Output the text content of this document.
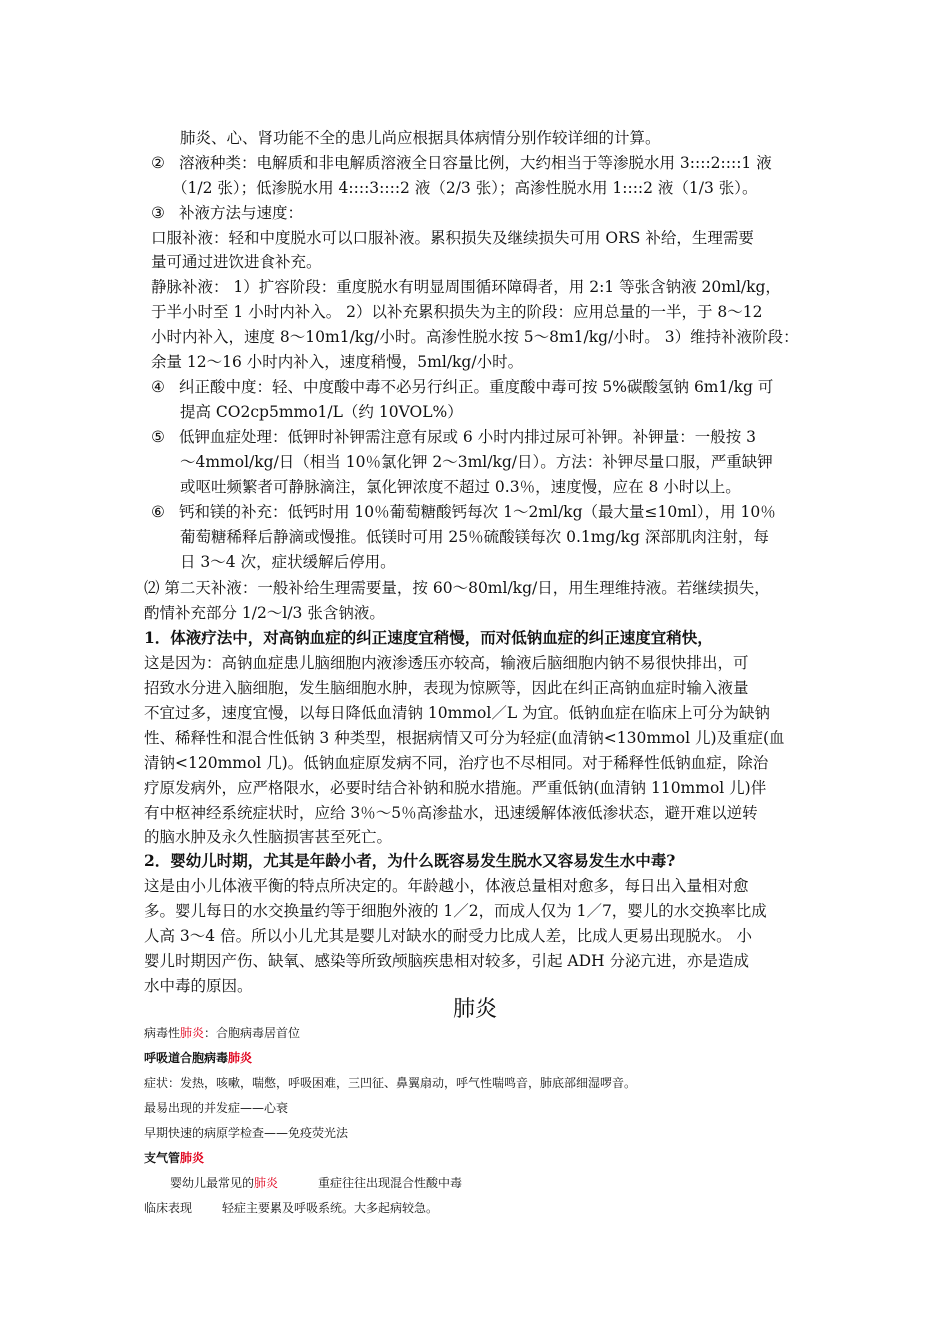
肺炎、心、肾功能不全的患儿尚应根据具体病情分别作较详细的计算。
② 溶液种类：电解质和非电解质溶液全日容量比例，大约相当于等渗脱水用 3::::2::::1 液
（1/2 张）；低渗脱水用 4::::3::::2 液（2/3 张）；高渗性脱水用 1::::2 液（1/3 张）。
③ 补液方法与速度：
口服补液：轻和中度脱水可以口服补液。累积损失及继续损失可用 ORS 补给，生理需要
量可通过进饮进食补充。
静脉补液： 1）扩容阶段：重度脱水有明显周围循环障碍者，用 2:1 等张含钠液 20ml/kg，
于半小时至 1 小时内补入。 2）以补充累积损失为主的阶段：应用总量的一半，于 8～12
小时内补入，速度 8～10m1/kg/小时。高渗性脱水按 5～8m1/kg/小时。 3）维持补液阶段：
余量 12～16 小时内补入，速度稍慢，5ml/kg/小时。
④ 纠正酸中度：轻、中度酸中毒不必另行纠正。重度酸中毒可按 5%碳酸氢钠 6m1/kg 可
提高 CO2cp5mmo1/L（约 10VOL%）
⑤ 低钾血症处理：低钾时补钾需注意有尿或 6 小时内排过尿可补钾。补钾量：一般按 3
～4mmol/kg/日（相当 10％氯化钾 2～3ml/kg/日）。方法：补钾尽量口服，严重缺钾
或呕吐频繁者可静脉滴注，氯化钾浓度不超过 0.3％，速度慢，应在 8 小时以上。
⑥ 钙和镁的补充：低钙时用 10％葡萄糖酸钙每次 1～2ml/kg（最大量≤10ml），用 10％
葡萄糖稀释后静滴或慢推。低镁时可用 25％硫酸镁每次 0.1mg/kg 深部肌肉注射，每
日 3～4 次，症状缓解后停用。
⑵ 第二天补液：一般补给生理需要量，按 60～80ml/kg/日，用生理维持液。若继续损失，
酌情补充部分 1/2～l/3 张含钠液。
1．体液疗法中，对高钠血症的纠正速度宜稍慢，而对低钠血症的纠正速度宜稍快，
这是因为：高钠血症患儿脑细胞内液渗透压亦较高，输液后脑细胞内钠不易很快排出，可
招致水分进入脑细胞，发生脑细胞水肿，表现为惊厥等，因此在纠正高钠血症时输入液量
不宜过多，速度宜慢，以每日降低血清钠 10mmol／L 为宜。低钠血症在临床上可分为缺钠
性、稀释性和混合性低钠 3 种类型，根据病情又可分为轻症(血清钠<130mmol 儿)及重症(血
清钠<120mmol 几)。低钠血症原发病不同，治疗也不尽相同。对于稀释性低钠血症，除治
疗原发病外，应严格限水，必要时结合补钠和脱水措施。严重低钠(血清钠 110mmol 儿)伴
有中枢神经系统症状时，应给 3％～5％高渗盐水，迅速缓解体液低渗状态，避开难以逆转
的脑水肿及永久性脑损害甚至死亡。
2．婴幼儿时期，尤其是年龄小者，为什么既容易发生脱水又容易发生水中毒?
这是由小儿体液平衡的特点所决定的。年龄越小，体液总量相对愈多，每日出入量相对愈
多。婴儿每日的水交换量约等于细胞外液的 1／2，而成人仅为 1／7，婴儿的水交换率比成
人高 3～4 倍。所以小儿尤其是婴儿对缺水的耐受力比成人差，比成人更易出现脱水。 小
婴儿时期因产伤、缺氧、感染等所致颅脑疾患相对较多，引起 ADH 分泌亢进，亦是造成
水中毒的原因。
肺炎
病毒性肺炎：合胞病毒居首位
呼吸道合胞病毒肺炎
症状：发热，咳嗽，喘憋，呼吸困难，三凹征、鼻翼扇动，呼气性喘鸣音，肺底部细湿啰音。
最易出现的并发症——心衰
早期快速的病原学检查——免疫荧光法
支气管肺炎
婴幼儿最常见的肺炎	重症往往出现混合性酸中毒
临床表现	轻症主要累及呼吸系统。大多起病较急。
